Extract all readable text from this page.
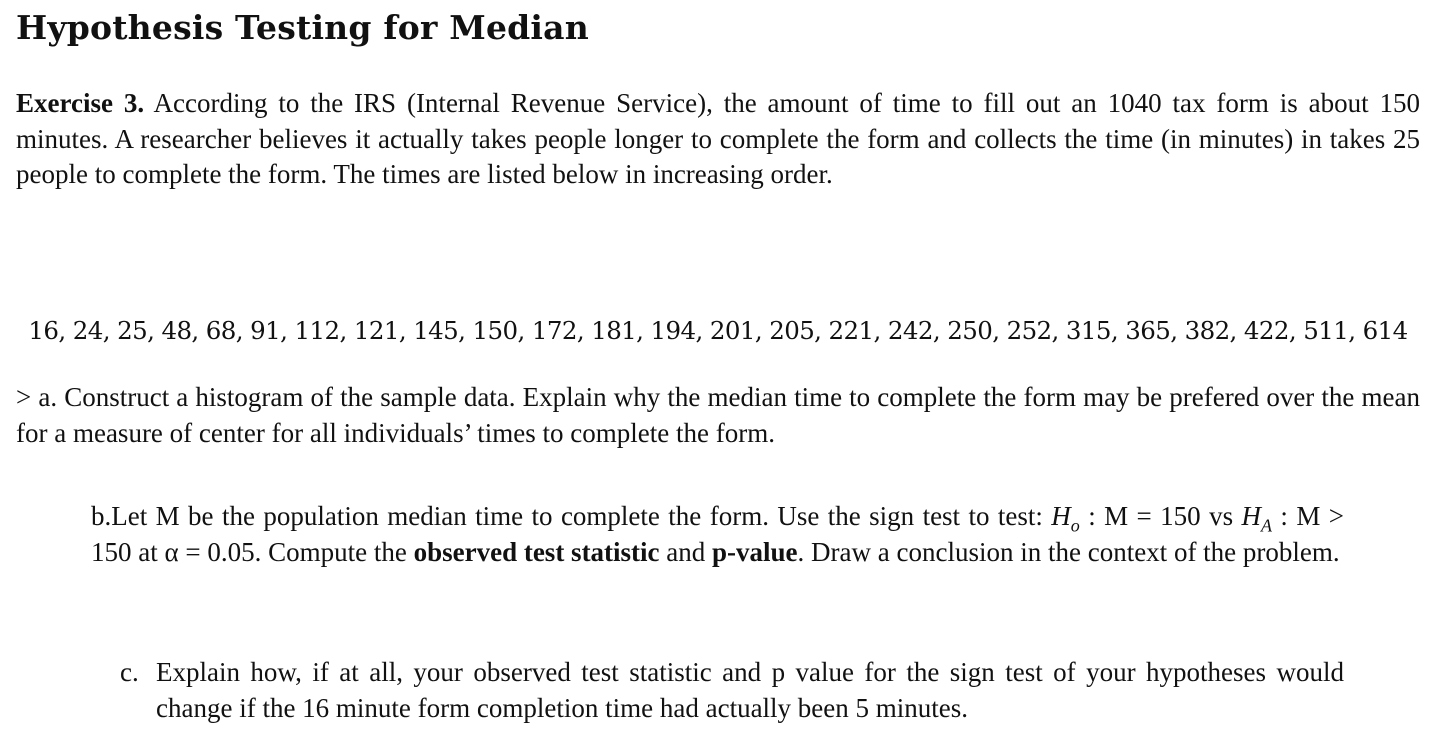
Hypothesis Testing for Median

Exercise 3. According to the IRS (Internal Revenue Service), the amount of time to fill out an 1040 tax form is about 150 minutes. A researcher believes it actually takes people longer to complete the form and collects the time (in minutes) in takes 25 people to complete the form. The times are listed below in increasing order.

16, 24, 25, 48, 68, 91, 112, 121, 145, 150, 172, 181, 194, 201, 205, 221, 242, 250, 252, 315, 365, 382, 422, 511, 614

> a. Construct a histogram of the sample data. Explain why the median time to complete the form may be prefered over the mean for a measure of center for all individuals’ times to complete the form.

b.Let M be the population median time to complete the form. Use the sign test to test: $H_o$ : M = 150 vs $H_A$ : M > 150 at α = 0.05. Compute the observed test statistic and p-value. Draw a conclusion in the context of the problem.

c. Explain how, if at all, your observed test statistic and p value for the sign test of your hypotheses would change if the 16 minute form completion time had actually been 5 minutes.
